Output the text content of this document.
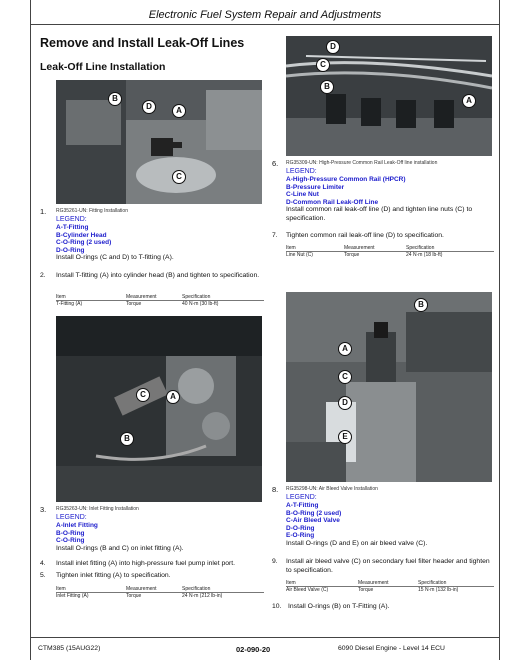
Electronic Fuel System Repair and Adjustments
Remove and Install Leak-Off Lines
Leak-Off Line Installation
B
D	A
C
1. RG35261-UN: Fitting Installation
LEGEND:
A-T-Fitting
B-Cylinder Head
C-O-Ring (2 used)
D-O-Ring
Install O-rings (C and D) to T-fitting (A).
2. Install T-fitting (A) into cylinder head (B) and tighten to specification.
Item	Measurement	Specification
T-Fitting (A)	Torque	40 N·m (30 lb-ft)
C	A
B
3. RG35263-UN: Inlet Fitting Installation
LEGEND:
A-Inlet Fitting
B-O-Ring
C-O-Ring
Install O-rings (B and C) on inlet fitting (A).
4. Install inlet fitting (A) into high-pressure fuel pump inlet port.
5. Tighten inlet fitting (A) to specification.
Item	Measurement	Specification
Inlet Fitting (A)	Torque	24 N·m (212 lb-in)
D
C
B
A
6. RG35309-UN: High-Pressure Common Rail Leak-Off line installation
LEGEND:
A-High-Pressure Common Rail (HPCR)
B-Pressure Limiter
C-Line Nut
D-Common Rail Leak-Off Line
Install common rail leak-off line (D) and tighten line nuts (C) to specification.
7. Tighten common rail leak-off line (D) to specification.
Item	Measurement	Specification
Line Nut (C)	Torque	24 N·m (18 lb-ft)
B
A
C
D
E
8. RG35298-UN: Air Bleed Valve Installation
LEGEND:
A-T-Fitting
B-O-Ring (2 used)
C-Air Bleed Valve
D-O-Ring
E-O-Ring
Install O-rings (D and E) on air bleed valve (C).
9. Install air bleed valve (C) on secondary fuel filter header and tighten to specification.
Item	Measurement	Specification
Air Bleed Valve (C)	Torque	15 N·m (132 lb-in)
10. Install O-rings (B) on T-Fitting (A).
CTM385 (15AUG22)	02-090-20	6090 Diesel Engine - Level 14 ECU
